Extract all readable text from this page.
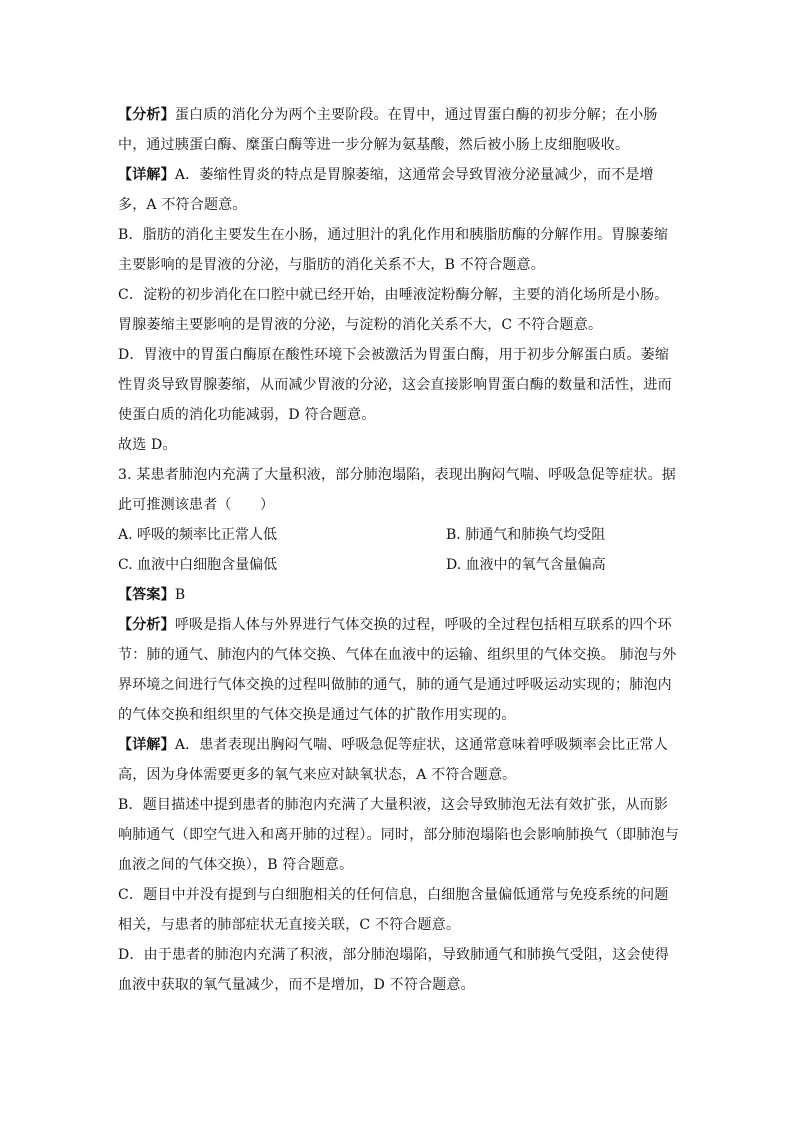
【分析】蛋白质的消化分为两个主要阶段。在胃中，通过胃蛋白酶的初步分解；在小肠
中，通过胰蛋白酶、糜蛋白酶等进一步分解为氨基酸，然后被小肠上皮细胞吸收。
【详解】A．萎缩性胃炎的特点是胃腺萎缩，这通常会导致胃液分泌量减少，而不是增
多，A 不符合题意。
B．脂肪的消化主要发生在小肠，通过胆汁的乳化作用和胰脂肪酶的分解作用。胃腺萎缩
主要影响的是胃液的分泌，与脂肪的消化关系不大，B 不符合题意。
C．淀粉的初步消化在口腔中就已经开始，由唾液淀粉酶分解，主要的消化场所是小肠。
胃腺萎缩主要影响的是胃液的分泌，与淀粉的消化关系不大，C 不符合题意。
D．胃液中的胃蛋白酶原在酸性环境下会被激活为胃蛋白酶，用于初步分解蛋白质。萎缩
性胃炎导致胃腺萎缩，从而减少胃液的分泌，这会直接影响胃蛋白酶的数量和活性，进而
使蛋白质的消化功能减弱，D 符合题意。
故选 D。
3. 某患者肺泡内充满了大量积液，部分肺泡塌陷，表现出胸闷气喘、呼吸急促等症状。据
此可推测该患者（　　）
A. 呼吸的频率比正常人低	B. 肺通气和肺换气均受阻
C. 血液中白细胞含量偏低	D. 血液中的氧气含量偏高
【答案】B
【分析】呼吸是指人体与外界进行气体交换的过程，呼吸的全过程包括相互联系的四个环
节：肺的通气、肺泡内的气体交换、气体在血液中的运输、组织里的气体交换。 肺泡与外
界环境之间进行气体交换的过程叫做肺的通气，肺的通气是通过呼吸运动实现的；肺泡内
的气体交换和组织里的气体交换是通过气体的扩散作用实现的。
【详解】A．患者表现出胸闷气喘、呼吸急促等症状，这通常意味着呼吸频率会比正常人
高，因为身体需要更多的氧气来应对缺氧状态，A 不符合题意。
B．题目描述中提到患者的肺泡内充满了大量积液，这会导致肺泡无法有效扩张，从而影
响肺通气（即空气进入和离开肺的过程）。同时，部分肺泡塌陷也会影响肺换气（即肺泡与
血液之间的气体交换），B 符合题意。
C．题目中并没有提到与白细胞相关的任何信息，白细胞含量偏低通常与免疫系统的问题
相关，与患者的肺部症状无直接关联，C 不符合题意。
D．由于患者的肺泡内充满了积液，部分肺泡塌陷，导致肺通气和肺换气受阻，这会使得
血液中获取的氧气量减少，而不是增加，D 不符合题意。
